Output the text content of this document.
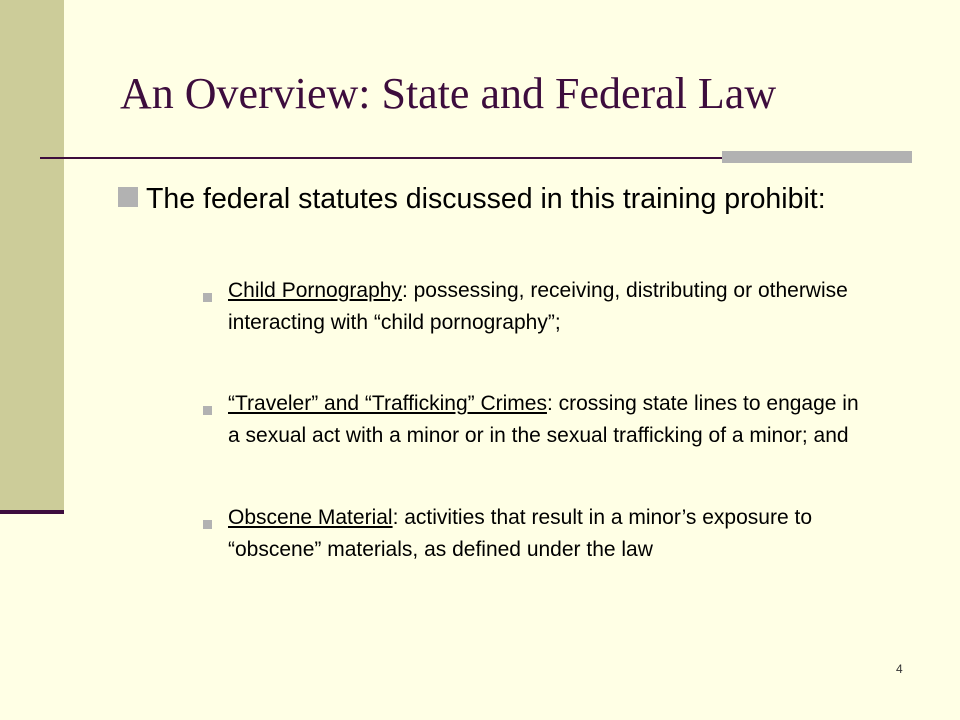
An Overview: State and Federal Law
The federal statutes discussed in this training prohibit:
Child Pornography: possessing, receiving, distributing or otherwise interacting with “child pornography”;
“Traveler” and “Trafficking” Crimes: crossing state lines to engage in a sexual act with a minor or in the sexual trafficking of a minor; and
Obscene Material: activities that result in a minor’s exposure to “obscene” materials, as defined under the law
4
